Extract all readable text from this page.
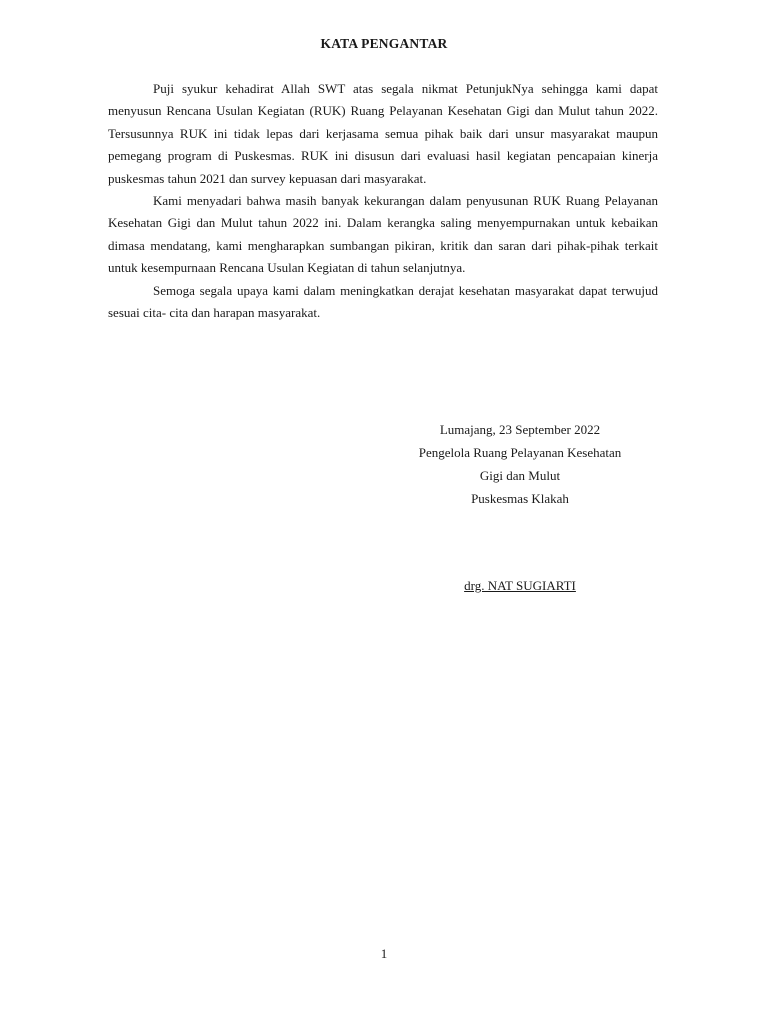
KATA PENGANTAR

Puji syukur kehadirat Allah SWT atas segala nikmat PetunjukNya sehingga kami dapat menyusun Rencana Usulan Kegiatan (RUK) Ruang Pelayanan Kesehatan Gigi dan Mulut tahun 2022. Tersusunnya RUK ini tidak lepas dari kerjasama semua pihak baik dari unsur masyarakat maupun pemegang program di Puskesmas. RUK ini disusun dari evaluasi hasil kegiatan pencapaian kinerja puskesmas tahun 2021 dan survey kepuasan dari masyarakat.

Kami menyadari bahwa masih banyak kekurangan dalam penyusunan RUK Ruang Pelayanan Kesehatan Gigi dan Mulut tahun 2022 ini. Dalam kerangka saling menyempurnakan untuk kebaikan dimasa mendatang, kami mengharapkan sumbangan pikiran, kritik dan saran dari pihak-pihak terkait untuk kesempurnaan Rencana Usulan Kegiatan di tahun selanjutnya.

Semoga segala upaya kami dalam meningkatkan derajat kesehatan masyarakat dapat terwujud sesuai cita- cita dan harapan masyarakat.

Lumajang, 23 September 2022
Pengelola Ruang Pelayanan Kesehatan
Gigi dan Mulut
Puskesmas Klakah
drg. NAT SUGIARTI
1
